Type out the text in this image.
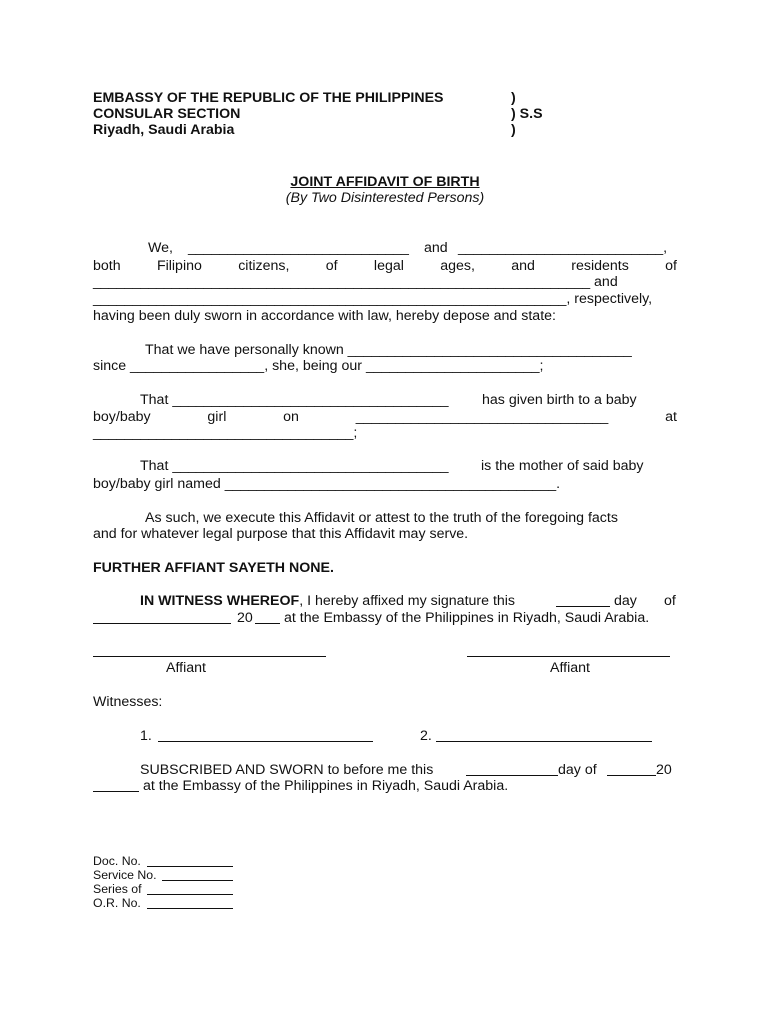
EMBASSY OF THE REPUBLIC OF THE PHILIPPINES
CONSULAR SECTION
Riyadh, Saudi Arabia
)
) S.S
)
JOINT AFFIDAVIT OF BIRTH
(By Two Disinterested Persons)
We, ____________________________ and __________________________,
both	Filipino	citizens,	of	legal	ages,	and	residents	of
_______________________________________________________________ and
____________________________________________________________, respectively,
having been duly sworn in accordance with law, hereby depose and state:
That we have personally known ____________________________________
since _________________, she, being our ______________________;
That ___________________________________ has given birth to a baby
boy/baby	girl	on	________________________________	at
_________________________________;
That ___________________________________ is the mother of said baby
boy/baby girl named __________________________________________.
As such, we execute this Affidavit or attest to the truth of the foregoing facts
and for whatever legal purpose that this Affidavit may serve.
FURTHER AFFIANT SAYETH NONE.
IN WITNESS WHEREOF, I hereby affixed my signature this	day of
20 at the Embassy of the Philippines in Riyadh, Saudi Arabia.
Affiant	Affiant
Witnesses:
1.	2.
SUBSCRIBED AND SWORN to before me this	day of	20
at the Embassy of the Philippines in Riyadh, Saudi Arabia.
Doc. No.
Service No.
Series of
O.R. No.
